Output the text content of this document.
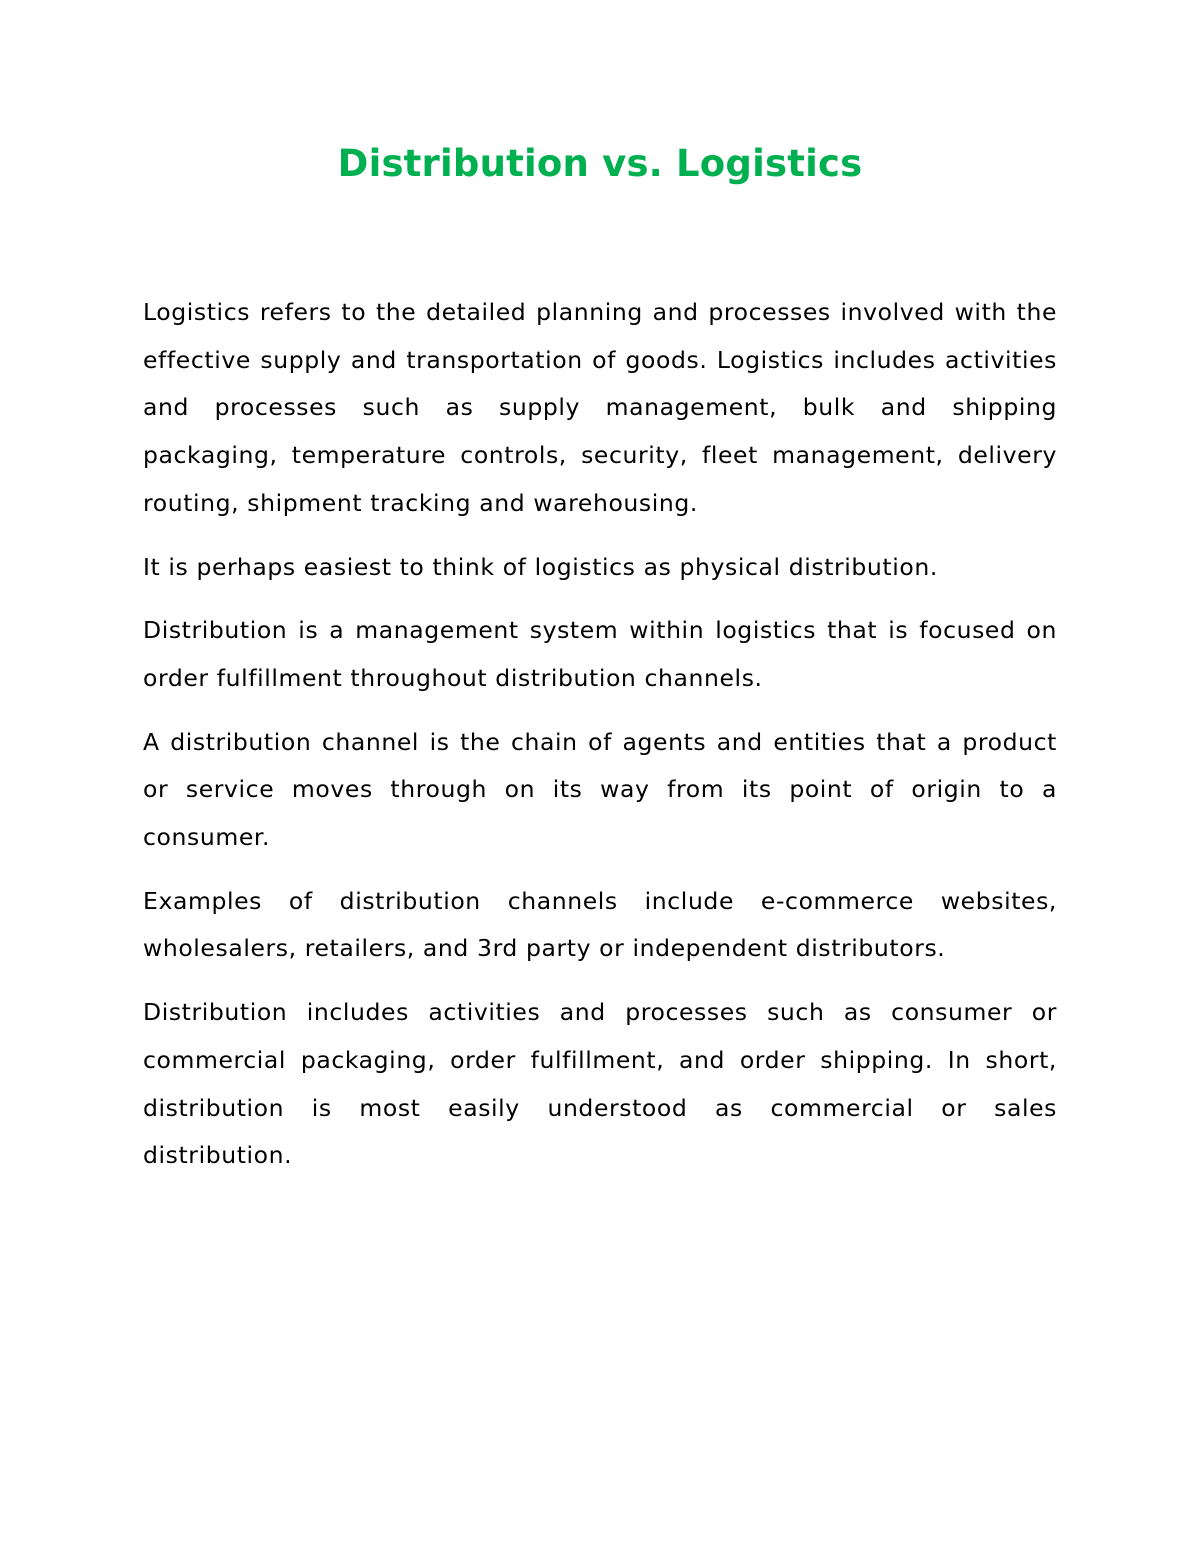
Distribution vs. Logistics

Logistics refers to the detailed planning and processes involved with the effective supply and transportation of goods. Logistics includes activities and processes such as supply management, bulk and shipping packaging, temperature controls, security, fleet management, delivery routing, shipment tracking and warehousing.

It is perhaps easiest to think of logistics as physical distribution.

Distribution is a management system within logistics that is focused on order fulfillment throughout distribution channels.

A distribution channel is the chain of agents and entities that a product or service moves through on its way from its point of origin to a consumer.

Examples of distribution channels include e-commerce websites, wholesalers, retailers, and 3rd party or independent distributors.

Distribution includes activities and processes such as consumer or commercial packaging, order fulfillment, and order shipping. In short, distribution is most easily understood as commercial or sales distribution.
